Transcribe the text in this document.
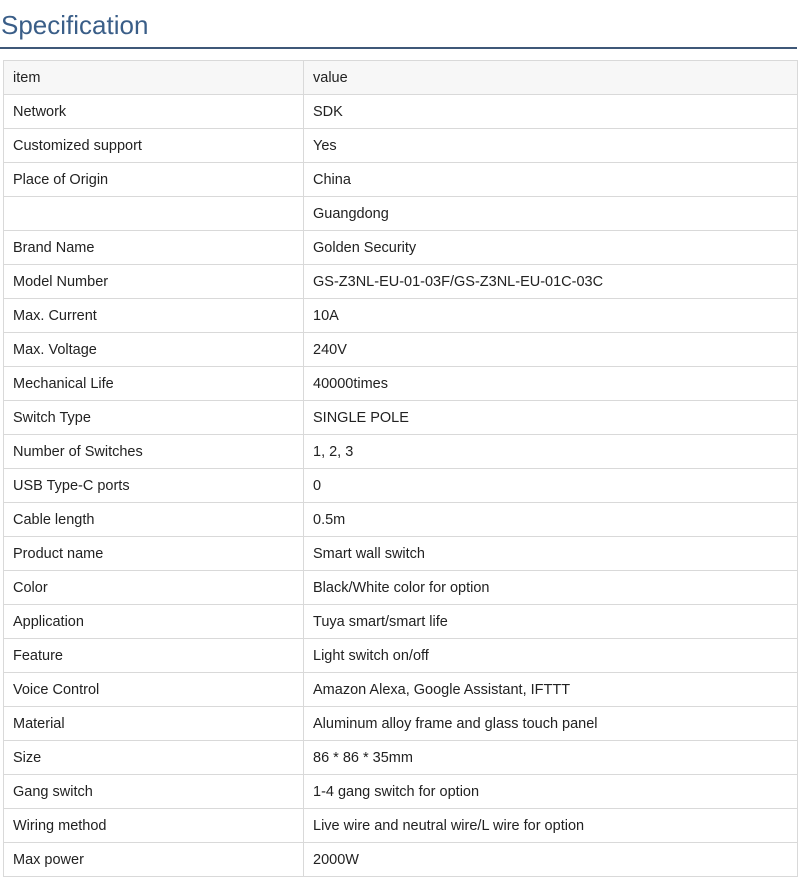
Specification
item	value
Network	SDK
Customized support	Yes
Place of Origin	China
	Guangdong
Brand Name	Golden Security
Model Number	GS-Z3NL-EU-01-03F/GS-Z3NL-EU-01C-03C
Max. Current	10A
Max. Voltage	240V
Mechanical Life	40000times
Switch Type	SINGLE POLE
Number of Switches	1, 2, 3
USB Type-C ports	0
Cable length	0.5m
Product name	Smart wall switch
Color	Black/White color for option
Application	Tuya smart/smart life
Feature	Light switch on/off
Voice Control	Amazon Alexa, Google Assistant, IFTTT
Material	Aluminum alloy frame and glass touch panel
Size	86 * 86 * 35mm
Gang switch	1-4 gang switch for option
Wiring method	Live wire and neutral wire/L wire for option
Max power	2000W
